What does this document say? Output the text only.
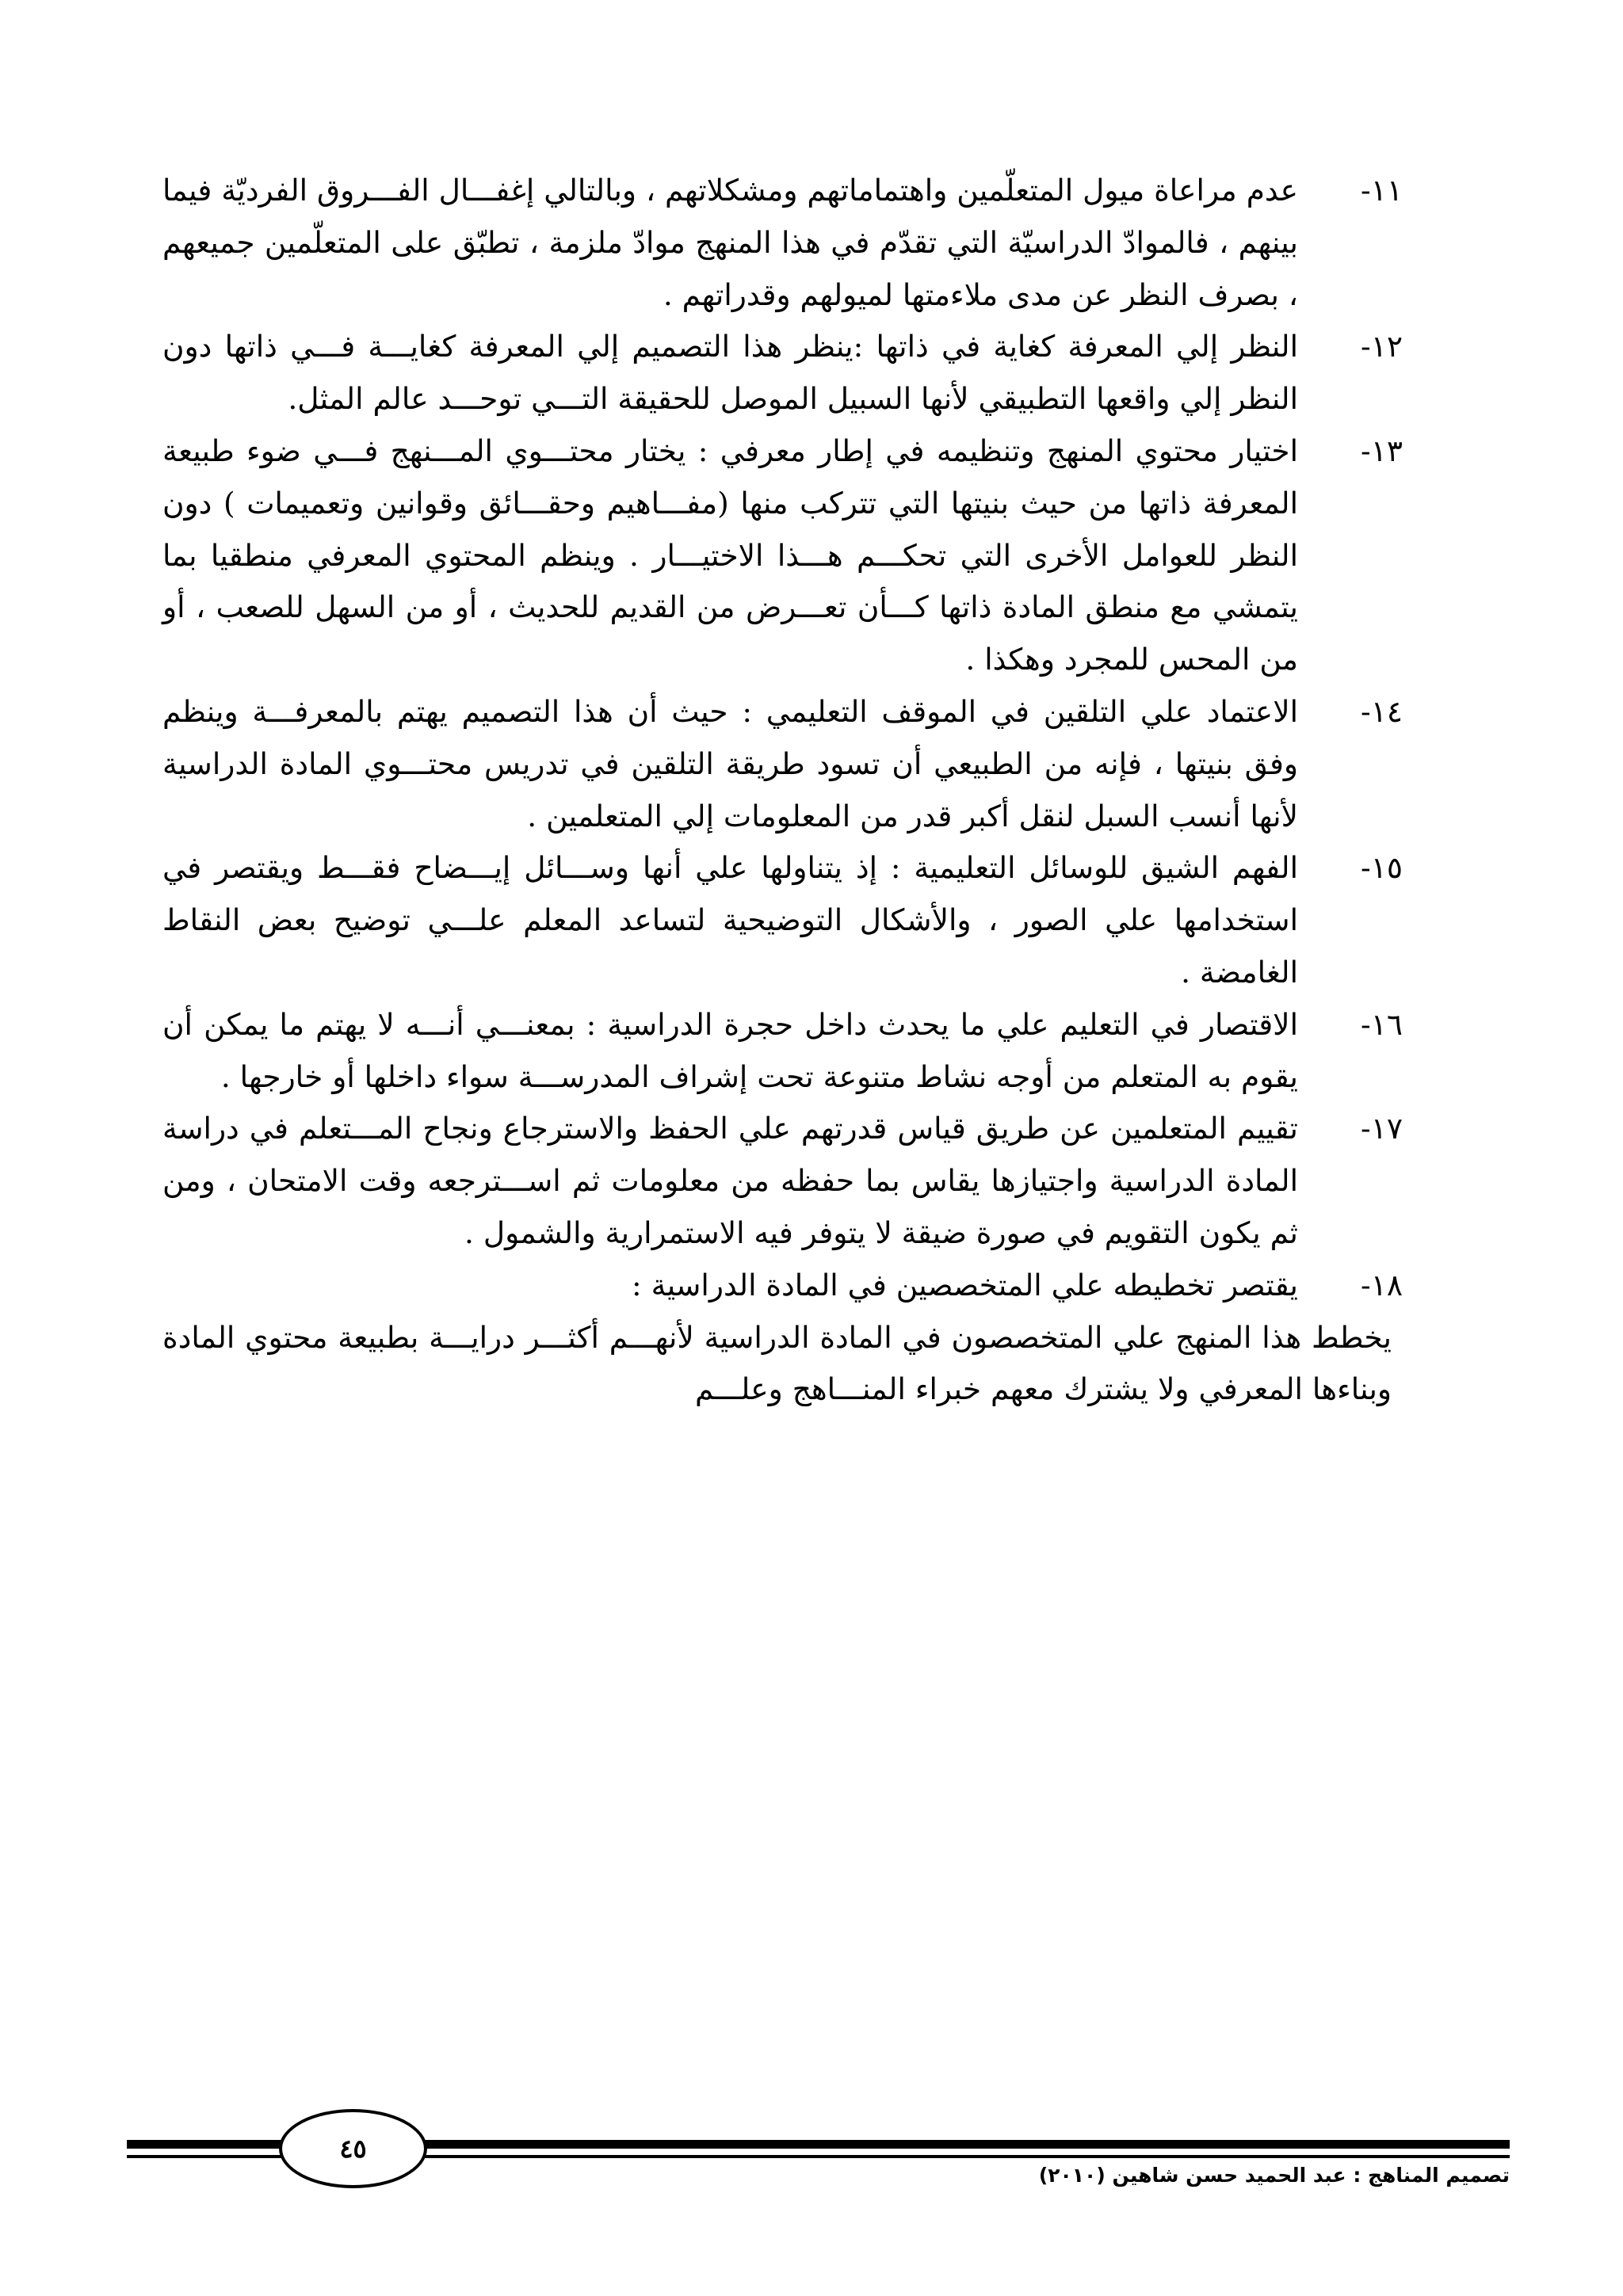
١١-
عدم مراعاة ميول المتعلّمين واهتماماتهم ومشكلاتهم ، وبالتالي إغفـــال الفـــروق الفرديّة فيما بينهم ، فالموادّ الدراسيّة التي تقدّم في هذا المنهج موادّ ملزمة ، تطبّق على المتعلّمين جميعهم ، بصرف النظر عن مدى ملاءمتها لميولهم وقدراتهم .
١٢-
النظر إلي المعرفة كغاية في ذاتها :ينظر هذا التصميم إلي المعرفة كغايـــة فـــي ذاتها دون النظر إلي واقعها التطبيقي لأنها السبيل الموصل للحقيقة التـــي توحـــد عالم المثل.
١٣-
اختيار محتوي المنهج وتنظيمه في إطار معرفي : يختار محتـــوي المـــنهج فـــي ضوء طبيعة المعرفة ذاتها من حيث بنيتها التي تتركب منها (مفـــاهيم وحقـــائق وقوانين وتعميمات ) دون النظر للعوامل الأخرى التي تحكـــم هـــذا الاختيـــار . وينظم المحتوي المعرفي منطقيا بما يتمشي مع منطق المادة ذاتها كـــأن تعـــرض من القديم للحديث ، أو من السهل للصعب ، أو من المحس للمجرد وهكذا .
١٤-
الاعتماد علي التلقين في الموقف التعليمي : حيث أن هذا التصميم يهتم بالمعرفـــة وينظم وفق بنيتها ، فإنه من الطبيعي أن تسود طريقة التلقين في تدريس محتـــوي المادة الدراسية لأنها أنسب السبل لنقل أكبر قدر من المعلومات إلي المتعلمين .
١٥-
الفهم الشيق للوسائل التعليمية : إذ يتناولها علي أنها وســـائل إيـــضاح فقـــط ويقتصر في استخدامها علي الصور ، والأشكال التوضيحية لتساعد المعلم علـــي توضيح بعض النقاط الغامضة .
١٦-
الاقتصار في التعليم علي ما يحدث داخل حجرة الدراسية : بمعنـــي أنـــه لا يهتم ما يمكن أن يقوم به المتعلم من أوجه نشاط متنوعة تحت إشراف المدرســـة سواء داخلها أو خارجها .
١٧-
تقييم المتعلمين عن طريق قياس قدرتهم علي الحفظ والاسترجاع ونجاح المـــتعلم في دراسة المادة الدراسية واجتيازها يقاس بما حفظه من معلومات ثم اســـترجعه وقت الامتحان ، ومن ثم يكون التقويم في صورة ضيقة لا يتوفر فيه الاستمرارية والشمول .
١٨-
يقتصر تخطيطه علي المتخصصين في المادة الدراسية :

يخطط هذا المنهج علي المتخصصون في المادة الدراسية لأنهـــم أكثـــر درايـــة بطبيعة محتوي المادة وبناءها المعرفي ولا يشترك معهم خبراء المنـــاهج وعلـــم

٤٥
تصميم المناهج : عبد الحميد حسن شاهين (٢٠١٠)
